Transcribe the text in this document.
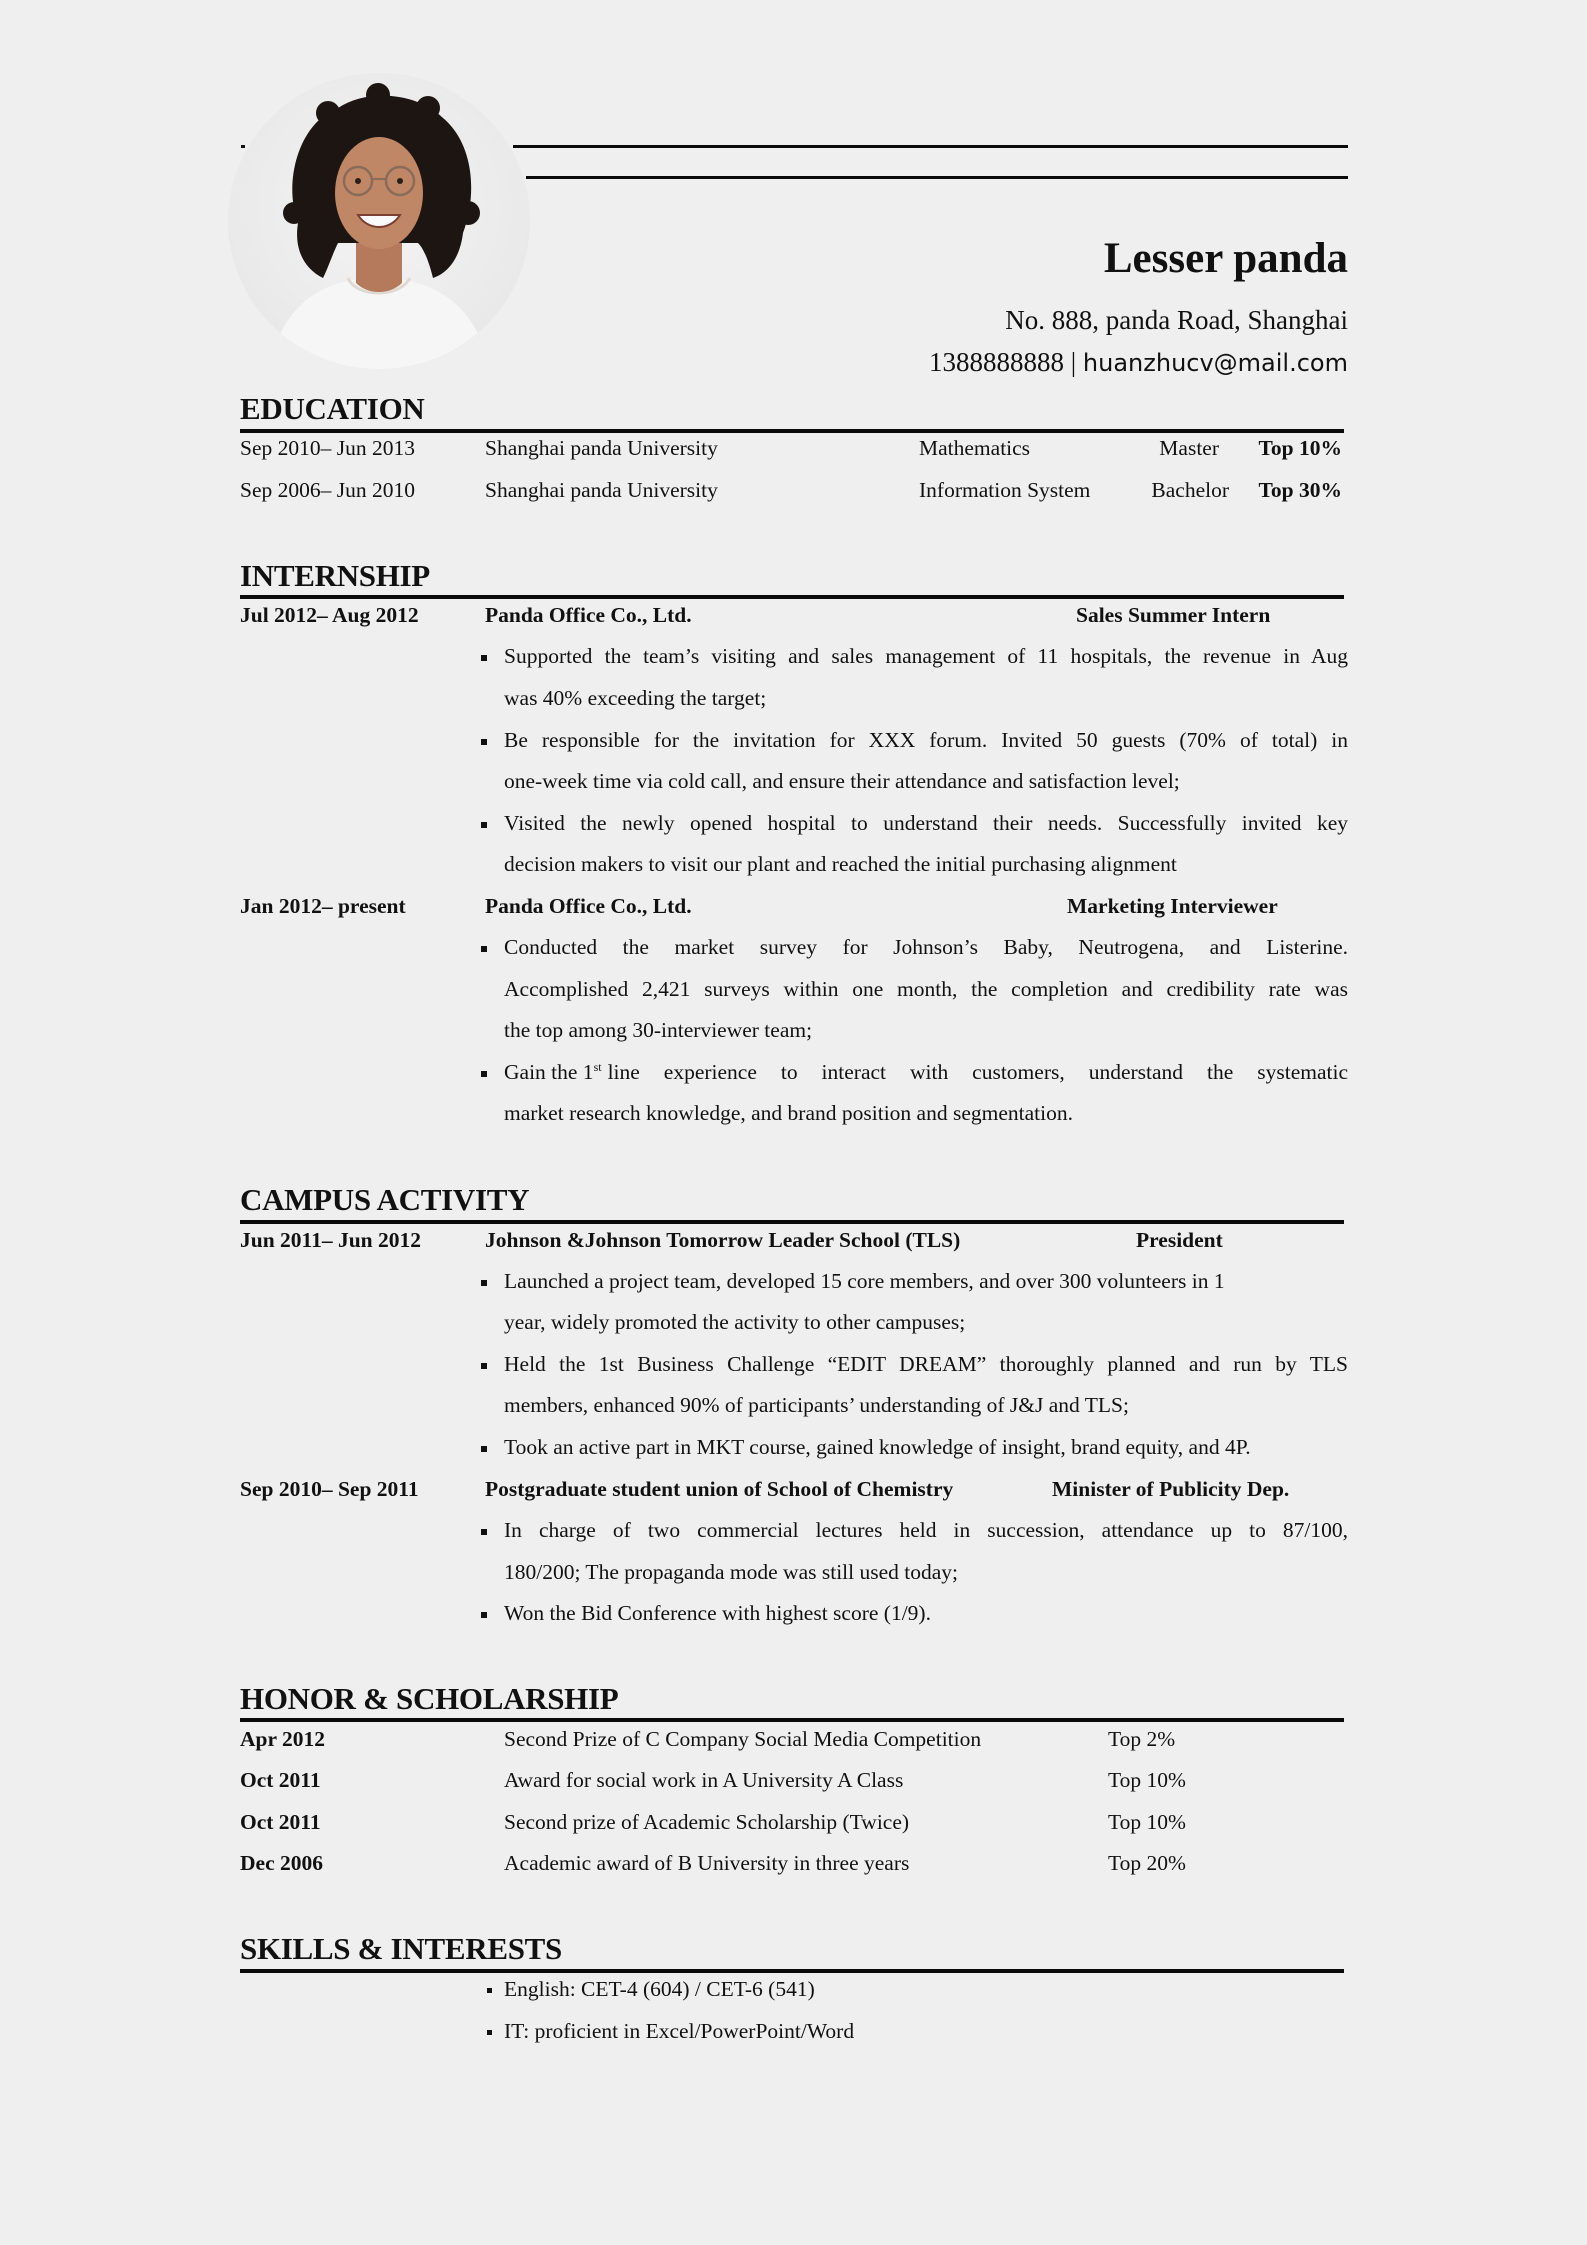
Lesser panda
No. 888, panda Road, Shanghai
1388888888 | huanzhucv@mail.com
EDUCATION
Sep 2010– Jun 2013	Shanghai panda University	Mathematics	Master Top 10%
Sep 2006– Jun 2010	Shanghai panda University	Information System	Bachelor Top 30%
INTERNSHIP
Jul 2012– Aug 2012	Panda Office Co., Ltd.	Sales Summer Intern
Supported the team’s visiting and sales management of 11 hospitals, the revenue in Aug
was 40% exceeding the target;
Be responsible for the invitation for XXX forum. Invited 50 guests (70% of total) in
one-week time via cold call, and ensure their attendance and satisfaction level;
Visited the newly opened hospital to understand their needs. Successfully invited key
decision makers to visit our plant and reached the initial purchasing alignment
Jan 2012– present	Panda Office Co., Ltd.	Marketing Interviewer
Conducted the market survey for Johnson’s Baby, Neutrogena, and Listerine.
Accomplished 2,421 surveys within one month, the completion and credibility rate was
the top among 30-interviewer team;
Gain the 1st line experience to interact with customers, understand the systematic
market research knowledge, and brand position and segmentation.
CAMPUS ACTIVITY
Jun 2011– Jun 2012	Johnson &Johnson Tomorrow Leader School (TLS)	President
Launched a project team, developed 15 core members, and over 300 volunteers in 1
year, widely promoted the activity to other campuses;
Held the 1st Business Challenge “EDIT DREAM” thoroughly planned and run by TLS
members, enhanced 90% of participants’ understanding of J&J and TLS;
Took an active part in MKT course, gained knowledge of insight, brand equity, and 4P.
Sep 2010– Sep 2011	Postgraduate student union of School of Chemistry	Minister of Publicity Dep.
In charge of two commercial lectures held in succession, attendance up to 87/100,
180/200; The propaganda mode was still used today;
Won the Bid Conference with highest score (1/9).
HONOR & SCHOLARSHIP
Apr 2012	Second Prize of C Company Social Media Competition	Top 2%
Oct 2011	Award for social work in A University A Class	Top 10%
Oct 2011	Second prize of Academic Scholarship (Twice)	Top 10%
Dec 2006	Academic award of B University in three years	Top 20%
SKILLS & INTERESTS
English: CET-4 (604) / CET-6 (541)
IT: proficient in Excel/PowerPoint/Word
